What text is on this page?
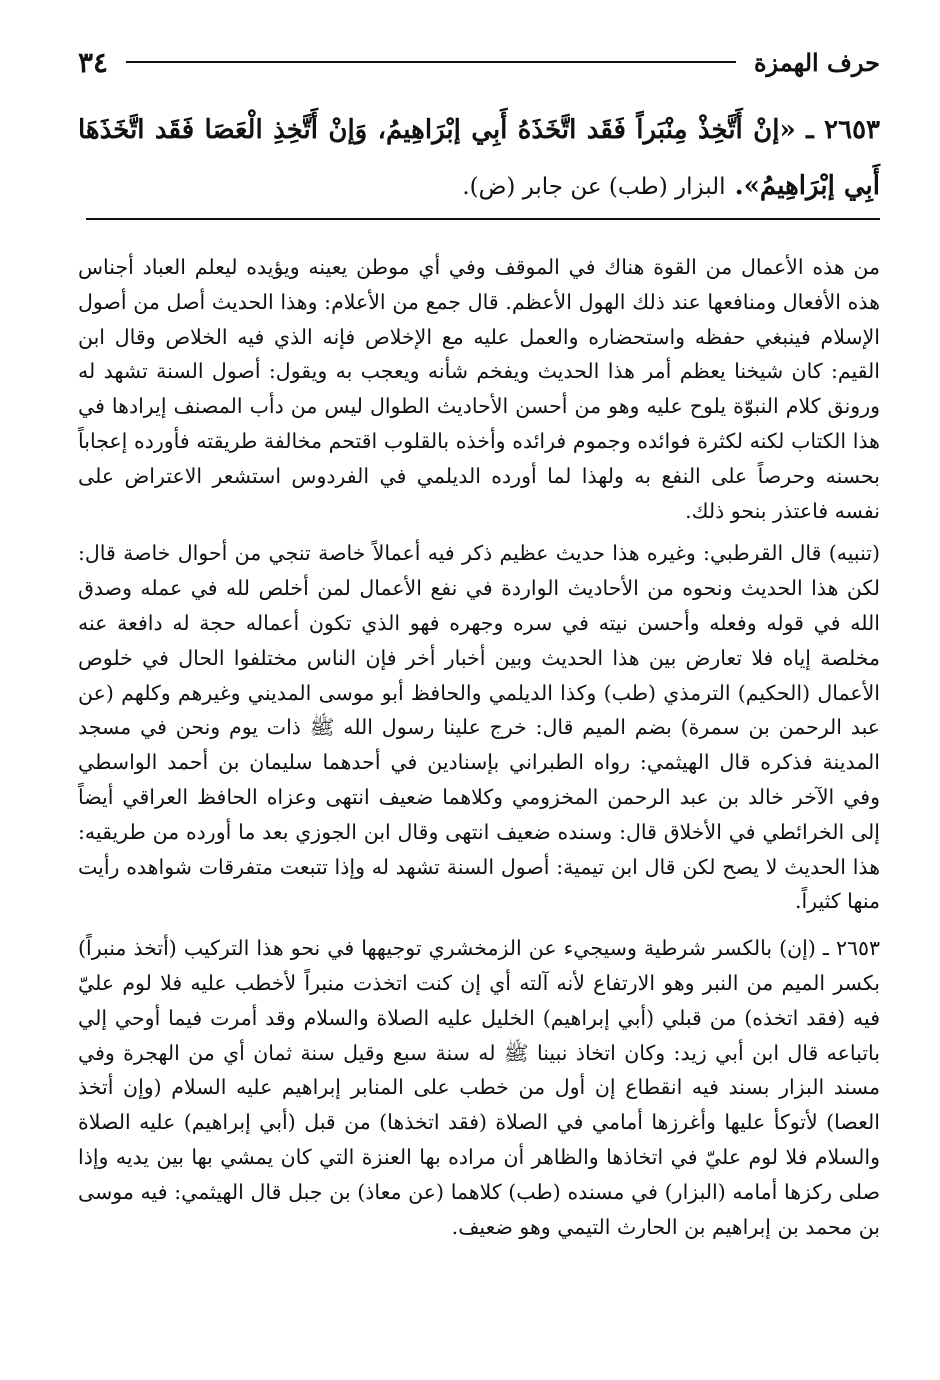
٣٤	حرف الهمزة
٢٦٥٣ ـ «إنْ أَتَّخِذْ مِنْبَراً فَقَد اتَّخَذَهُ أَبِي إبْرَاهِيمُ، وَإنْ أَتَّخِذِ الْعَصَا فَقَد اتَّخَذَهَا أَبِي إبْرَاهِيمُ». البزار (طب) عن جابر (ض).

من هذه الأعمال من القوة هناك في الموقف وفي أي موطن يعينه ويؤيده ليعلم العباد أجناس هذه الأفعال ومنافعها عند ذلك الهول الأعظم. قال جمع من الأعلام: وهذا الحديث أصل من أصول الإسلام فينبغي حفظه واستحضاره والعمل عليه مع الإخلاص فإنه الذي فيه الخلاص وقال ابن القيم: كان شيخنا يعظم أمر هذا الحديث ويفخم شأنه ويعجب به ويقول: أصول السنة تشهد له ورونق كلام النبوّة يلوح عليه وهو من أحسن الأحاديث الطوال ليس من دأب المصنف إيرادها في هذا الكتاب لكنه لكثرة فوائده وجموم فرائده وأخذه بالقلوب اقتحم مخالفة طريقته فأورده إعجاباً بحسنه وحرصاً على النفع به ولهذا لما أورده الديلمي في الفردوس استشعر الاعتراض على نفسه فاعتذر بنحو ذلك.

(تنبيه) قال القرطبي: وغيره هذا حديث عظيم ذكر فيه أعمالاً خاصة تنجي من أحوال خاصة قال: لكن هذا الحديث ونحوه من الأحاديث الواردة في نفع الأعمال لمن أخلص لله في عمله وصدق الله في قوله وفعله وأحسن نيته في سره وجهره فهو الذي تكون أعماله حجة له دافعة عنه مخلصة إياه فلا تعارض بين هذا الحديث وبين أخبار أخر فإن الناس مختلفوا الحال في خلوص الأعمال (الحكيم) الترمذي (طب) وكذا الديلمي والحافظ أبو موسى المديني وغيرهم وكلهم (عن عبد الرحمن بن سمرة) بضم الميم قال: خرج علينا رسول الله ﷺ ذات يوم ونحن في مسجد المدينة فذكره قال الهيثمي: رواه الطبراني بإسنادين في أحدهما سليمان بن أحمد الواسطي وفي الآخر خالد بن عبد الرحمن المخزومي وكلاهما ضعيف انتهى وعزاه الحافظ العراقي أيضاً إلى الخرائطي في الأخلاق قال: وسنده ضعيف انتهى وقال ابن الجوزي بعد ما أورده من طريقيه: هذا الحديث لا يصح لكن قال ابن تيمية: أصول السنة تشهد له وإذا تتبعت متفرقات شواهده رأيت منها كثيراً.

٢٦٥٣ ـ (إن) بالكسر شرطية وسيجيء عن الزمخشري توجيهها في نحو هذا التركيب (أتخذ منبراً) بكسر الميم من النبر وهو الارتفاع لأنه آلته أي إن كنت اتخذت منبراً لأخطب عليه فلا لوم عليّ فيه (فقد اتخذه) من قبلي (أبي إبراهيم) الخليل عليه الصلاة والسلام وقد أمرت فيما أوحي إلي باتباعه قال ابن أبي زيد: وكان اتخاذ نبينا ﷺ له سنة سبع وقيل سنة ثمان أي من الهجرة وفي مسند البزار بسند فيه انقطاع إن أول من خطب على المنابر إبراهيم عليه السلام (وإن أتخذ العصا) لأتوكأ عليها وأغرزها أمامي في الصلاة (فقد اتخذها) من قبل (أبي إبراهيم) عليه الصلاة والسلام فلا لوم عليّ في اتخاذها والظاهر أن مراده بها العنزة التي كان يمشي بها بين يديه وإذا صلى ركزها أمامه (البزار) في مسنده (طب) كلاهما (عن معاذ) بن جبل قال الهيثمي: فيه موسى بن محمد بن إبراهيم بن الحارث التيمي وهو ضعيف.
